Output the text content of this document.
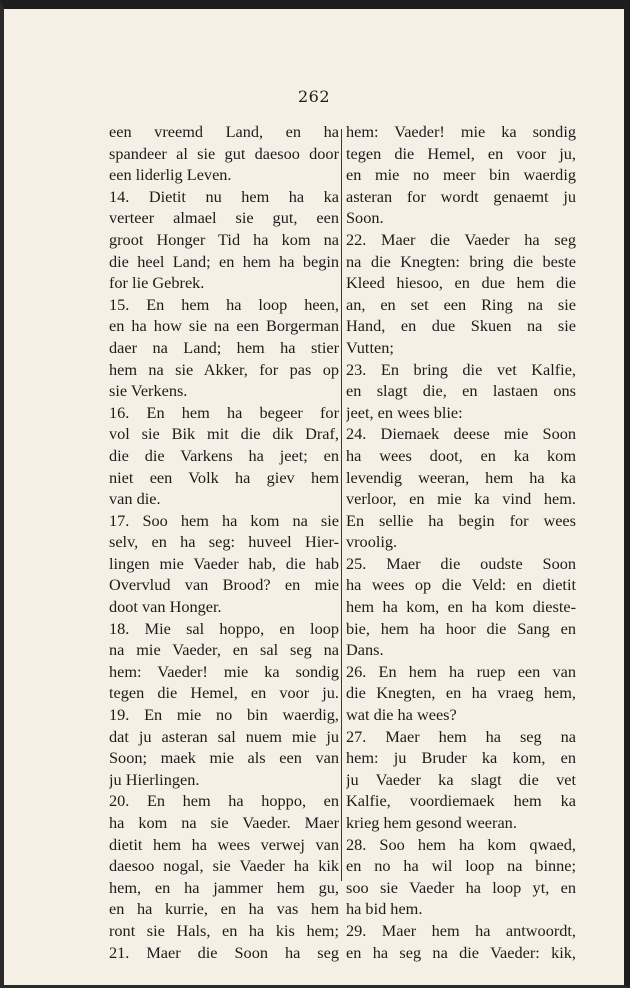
262
een vreemd Land, en ha
spandeer al sie gut daesoo door
een liderlig Leven.
14. Dietit nu hem ha ka
verteer almael sie gut, een
groot Honger Tid ha kom na
die heel Land; en hem ha begin
for lie Gebrek.
15. En hem ha loop heen,
en ha how sie na een Borgerman
daer na Land; hem ha stier
hem na sie Akker, for pas op
sie Verkens.
16. En hem ha begeer for
vol sie Bik mit die dik Draf,
die die Varkens ha jeet; en
niet een Volk ha giev hem
van die.
17. Soo hem ha kom na sie
selv, en ha seg: huveel Hier-
lingen mie Vaeder hab, die hab
Overvlud van Brood? en mie
doot van Honger.
18. Mie sal hoppo, en loop
na mie Vaeder, en sal seg na
hem: Vaeder! mie ka sondig
tegen die Hemel, en voor ju.
19. En mie no bin waerdig,
dat ju asteran sal nuem mie ju
Soon; maek mie als een van
ju Hierlingen.
20. En hem ha hoppo, en
ha kom na sie Vaeder. Maer
dietit hem ha wees verwej van
daesoo nogal, sie Vaeder ha kik
hem, en ha jammer hem gu,
en ha kurrie, en ha vas hem
ront sie Hals, en ha kis hem;
21. Maer die Soon ha seg
hem: Vaeder! mie ka sondig
tegen die Hemel, en voor ju,
en mie no meer bin waerdig
asteran for wordt genaemt ju
Soon.
22. Maer die Vaeder ha seg
na die Knegten: bring die beste
Kleed hiesoo, en due hem die
an, en set een Ring na sie
Hand, en due Skuen na sie
Vutten;
23. En bring die vet Kalfie,
en slagt die, en lastaen ons
jeet, en wees blie:
24. Diemaek deese mie Soon
ha wees doot, en ka kom
levendig weeran, hem ha ka
verloor, en mie ka vind hem.
En sellie ha begin for wees
vroolig.
25. Maer die oudste Soon
ha wees op die Veld: en dietit
hem ha kom, en ha kom dieste-
bie, hem ha hoor die Sang en
Dans.
26. En hem ha ruep een van
die Knegten, en ha vraeg hem,
wat die ha wees?
27. Maer hem ha seg na
hem: ju Bruder ka kom, en
ju Vaeder ka slagt die vet
Kalfie, voordiemaek hem ka
krieg hem gesond weeran.
28. Soo hem ha kom qwaed,
en no ha wil loop na binne;
soo sie Vaeder ha loop yt, en
ha bid hem.
29. Maer hem ha antwoordt,
en ha seg na die Vaeder: kik,
